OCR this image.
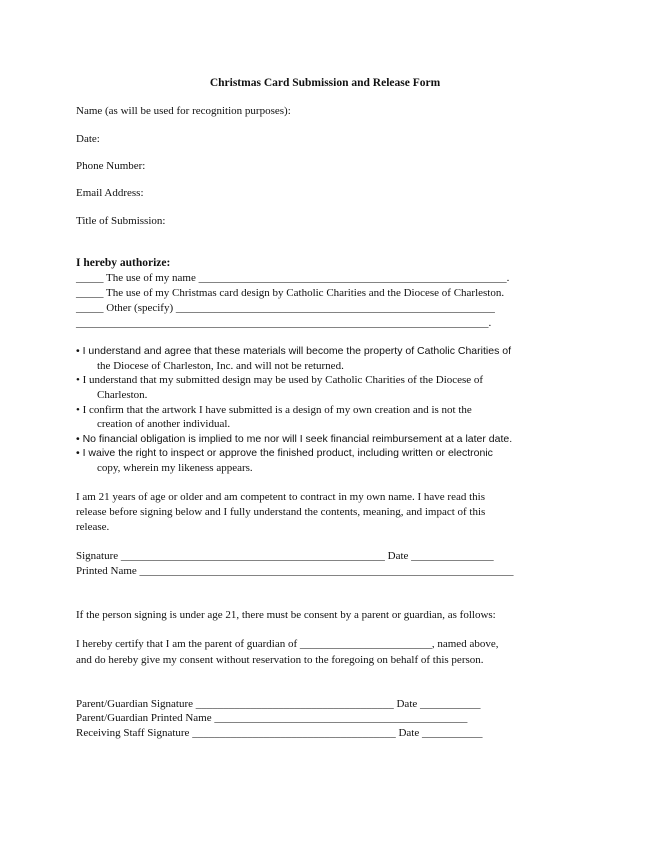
Christmas Card Submission and Release Form
Name (as will be used for recognition purposes):
Date:
Phone Number:
Email Address:
Title of Submission:
I hereby authorize:
_____ The use of my name ________________________________________________________.
_____ The use of my Christmas card design by Catholic Charities and the Diocese of Charleston.
_____ Other (specify) __________________________________________________________
___________________________________________________________________________.
• I understand and agree that these materials will become the property of Catholic Charities of
the Diocese of Charleston, Inc. and will not be returned.
• I understand that my submitted design may be used by Catholic Charities of the Diocese of
Charleston.
• I confirm that the artwork I have submitted is a design of my own creation and is not the
creation of another individual.
• No financial obligation is implied to me nor will I seek financial reimbursement at a later date.
• I waive the right to inspect or approve the finished product, including written or electronic
copy, wherein my likeness appears.
I am 21 years of age or older and am competent to contract in my own name. I have read this
release before signing below and I fully understand the contents, meaning, and impact of this
release.
Signature ________________________________________________ Date _______________
Printed Name ____________________________________________________________________
If the person signing is under age 21, there must be consent by a parent or guardian, as follows:
I hereby certify that I am the parent of guardian of ________________________, named above,
and do hereby give my consent without reservation to the foregoing on behalf of this person.
Parent/Guardian Signature ____________________________________ Date ___________
Parent/Guardian Printed Name ______________________________________________
Receiving Staff Signature _____________________________________ Date ___________
